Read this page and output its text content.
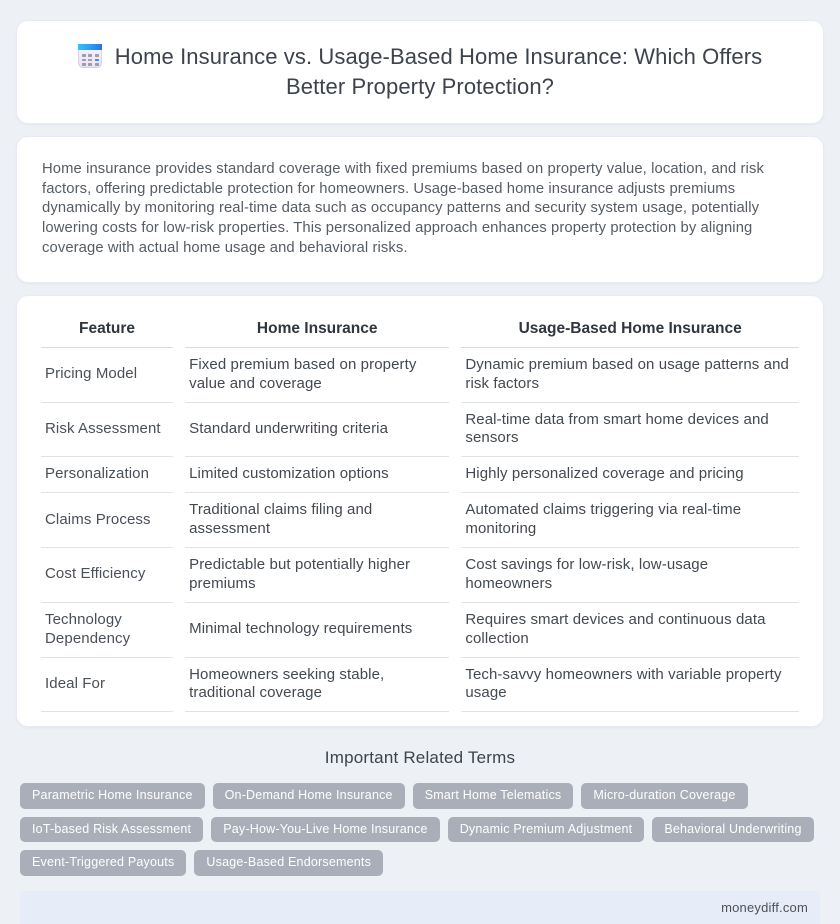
Home Insurance vs. Usage-Based Home Insurance: Which Offers Better Property Protection?

Home insurance provides standard coverage with fixed premiums based on property value, location, and risk factors, offering predictable protection for homeowners. Usage-based home insurance adjusts premiums dynamically by monitoring real-time data such as occupancy patterns and security system usage, potentially lowering costs for low-risk properties. This personalized approach enhances property protection by aligning coverage with actual home usage and behavioral risks.

Feature	Home Insurance	Usage-Based Home Insurance
Pricing Model	Fixed premium based on property value and coverage	Dynamic premium based on usage patterns and risk factors
Risk Assessment	Standard underwriting criteria	Real-time data from smart home devices and sensors
Personalization	Limited customization options	Highly personalized coverage and pricing
Claims Process	Traditional claims filing and assessment	Automated claims triggering via real-time monitoring
Cost Efficiency	Predictable but potentially higher premiums	Cost savings for low-risk, low-usage homeowners
Technology Dependency	Minimal technology requirements	Requires smart devices and continuous data collection
Ideal For	Homeowners seeking stable, traditional coverage	Tech-savvy homeowners with variable property usage
Important Related Terms
Parametric Home Insurance	On-Demand Home Insurance	Smart Home Telematics	Micro-duration Coverage
IoT-based Risk Assessment	Pay-How-You-Live Home Insurance	Dynamic Premium Adjustment	Behavioral Underwriting
Event-Triggered Payouts	Usage-Based Endorsements
moneydiff.com
